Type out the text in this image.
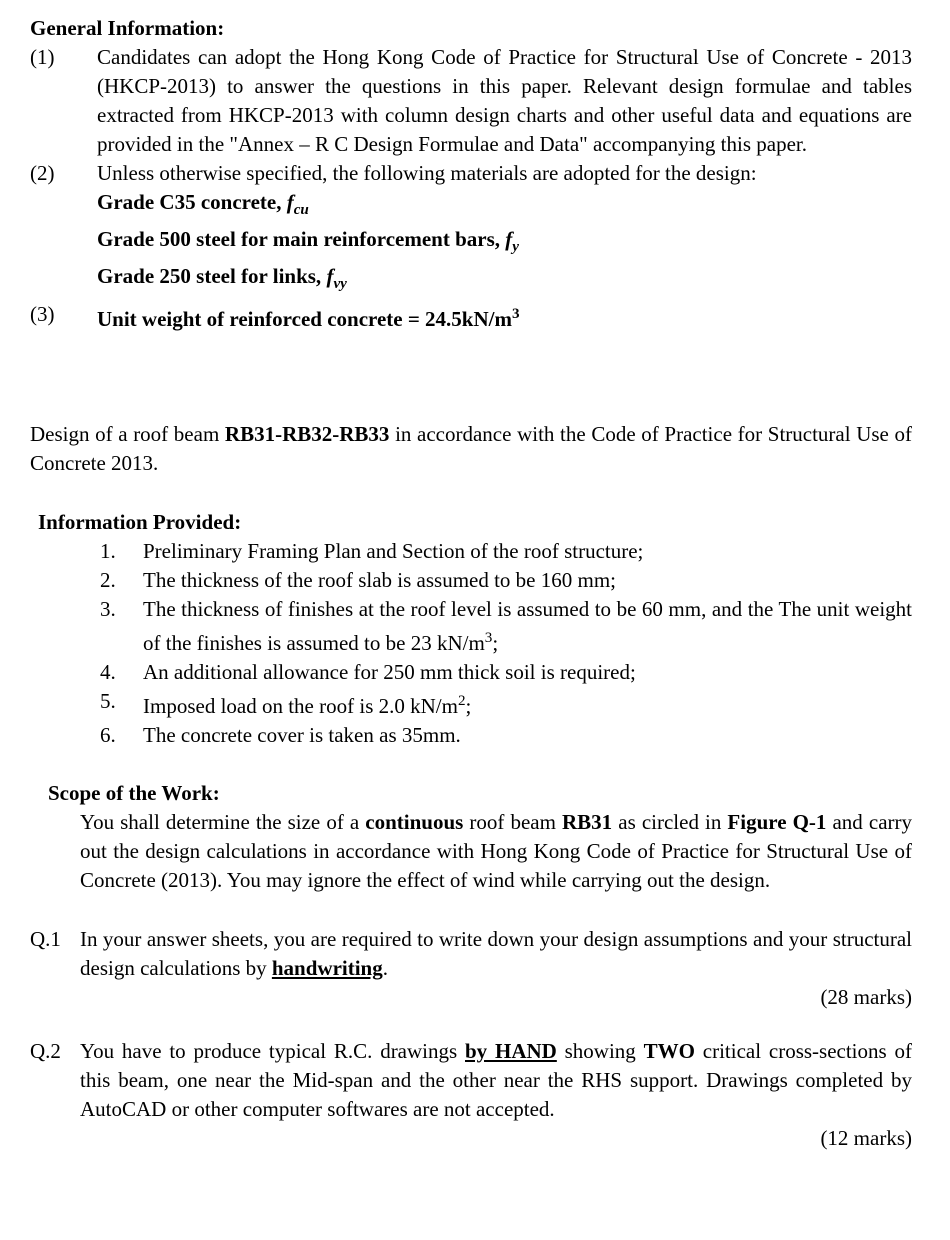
General Information:
(1)	Candidates can adopt the Hong Kong Code of Practice for Structural Use of Concrete - 2013 (HKCP-2013) to answer the questions in this paper. Relevant design formulae and tables extracted from HKCP-2013 with column design charts and other useful data and equations are provided in the "Annex – R C Design Formulae and Data" accompanying this paper.
(2)	Unless otherwise specified, the following materials are adopted for the design:
Grade C35 concrete, $f_{cu}$
Grade 500 steel for main reinforcement bars, $f_y$
Grade 250 steel for links, $f_{vy}$
(3)	Unit weight of reinforced concrete = $24.5kN/m^3$
Design of a roof beam RB31-RB32-RB33 in accordance with the Code of Practice for Structural Use of Concrete 2013.
Information Provided:
1.	Preliminary Framing Plan and Section of the roof structure;
2.	The thickness of the roof slab is assumed to be 160 mm;
3.	The thickness of finishes at the roof level is assumed to be 60 mm, and the The unit weight of the finishes is assumed to be 23 $kN/m^3$;
4.	An additional allowance for 250 mm thick soil is required;
5.	Imposed load on the roof is 2.0 $kN/m^2$;
6.	The concrete cover is taken as 35mm.
Scope of the Work:
You shall determine the size of a continuous roof beam RB31 as circled in Figure Q-1 and carry out the design calculations in accordance with Hong Kong Code of Practice for Structural Use of Concrete (2013). You may ignore the effect of wind while carrying out the design.
Q.1 In your answer sheets, you are required to write down your design assumptions and your structural design calculations by handwriting.
(28 marks)
Q.2 You have to produce typical R.C. drawings by HAND showing TWO critical cross-sections of this beam, one near the Mid-span and the other near the RHS support. Drawings completed by AutoCAD or other computer softwares are not accepted.
(12 marks)
